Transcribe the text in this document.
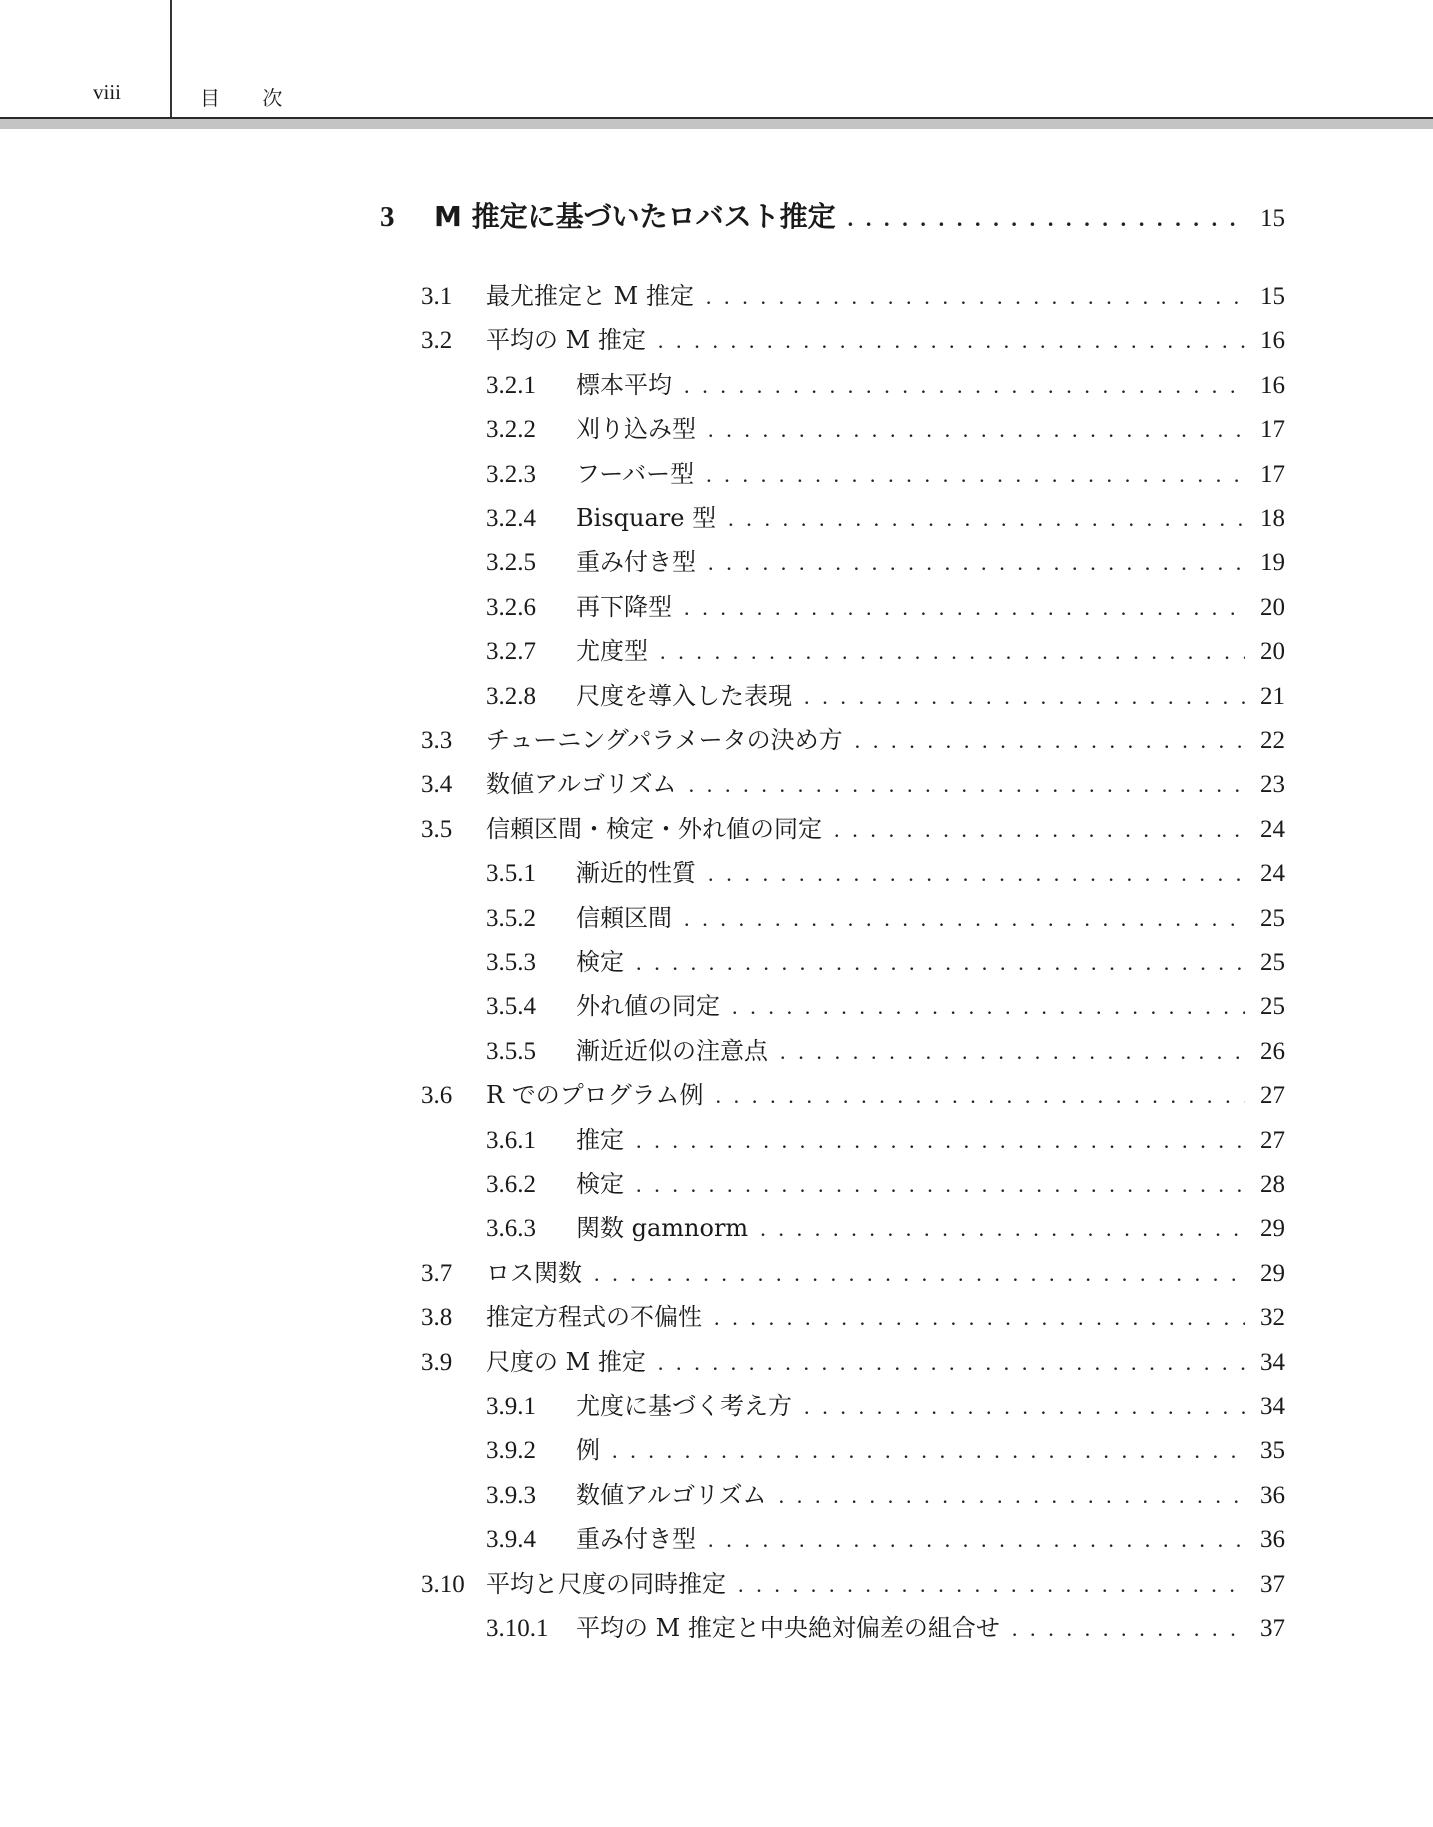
viii	目 次
3	M 推定に基づいたロバスト推定 . . .	15
3.1	最尤推定と M 推定 . . .	15
3.2	平均の M 推定 . . .	16
3.2.1	標本平均 . . .	16
3.2.2	刈り込み型 . . .	17
3.2.3	フーバー型 . . .	17
3.2.4	Bisquare 型 . . .	18
3.2.5	重み付き型 . . .	19
3.2.6	再下降型 . . .	20
3.2.7	尤度型 . . .	20
3.2.8	尺度を導入した表現 . . .	21
3.3	チューニングパラメータの決め方 . . .	22
3.4	数値アルゴリズム . . .	23
3.5	信頼区間・検定・外れ値の同定 . . .	24
3.5.1	漸近的性質 . . .	24
3.5.2	信頼区間 . . .	25
3.5.3	検定 . . .	25
3.5.4	外れ値の同定 . . .	25
3.5.5	漸近近似の注意点 . . .	26
3.6	R でのプログラム例 . . .	27
3.6.1	推定 . . .	27
3.6.2	検定 . . .	28
3.6.3	関数 gamnorm . . .	29
3.7	ロス関数 . . .	29
3.8	推定方程式の不偏性 . . .	32
3.9	尺度の M 推定 . . .	34
3.9.1	尤度に基づく考え方 . . .	34
3.9.2	例 . . .	35
3.9.3	数値アルゴリズム . . .	36
3.9.4	重み付き型 . . .	36
3.10 平均と尺度の同時推定 . . .	37
3.10.1	平均の M 推定と中央絶対偏差の組合せ . . .	37
